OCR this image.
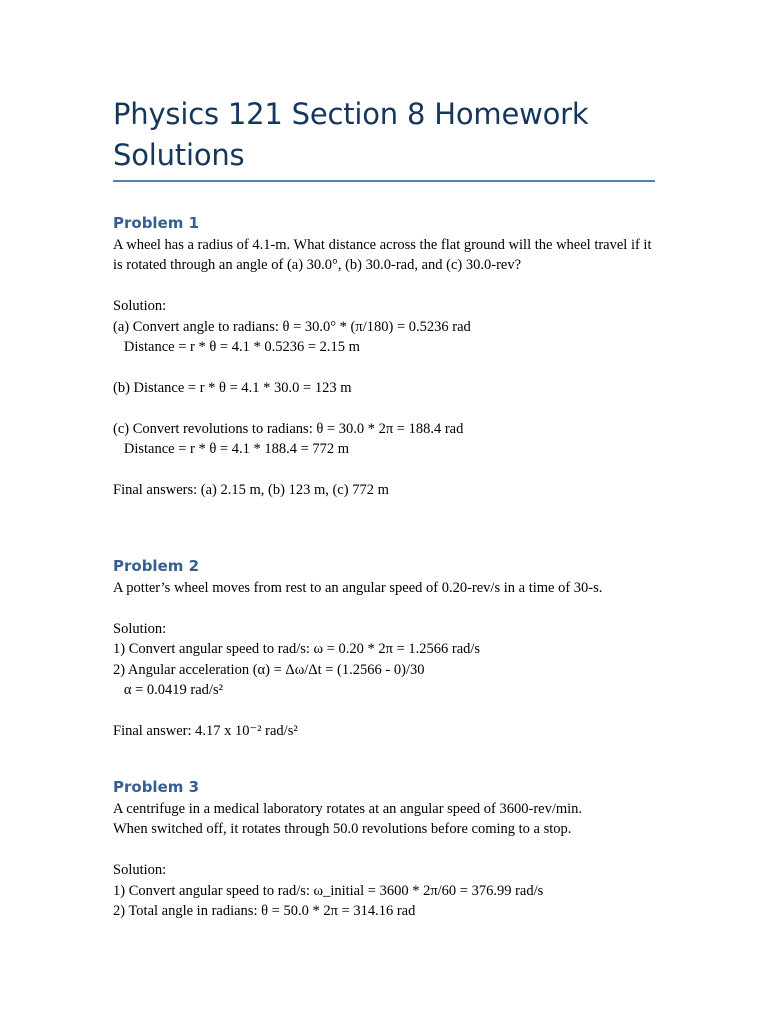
Physics 121 Section 8 Homework Solutions
Problem 1
A wheel has a radius of 4.1-m. What distance across the flat ground will the wheel travel if it
is rotated through an angle of (a) 30.0°, (b) 30.0-rad, and (c) 30.0-rev?
Solution:
(a) Convert angle to radians: θ = 30.0° * (π/180) = 0.5236 rad
Distance = r * θ = 4.1 * 0.5236 = 2.15 m
(b) Distance = r * θ = 4.1 * 30.0 = 123 m
(c) Convert revolutions to radians: θ = 30.0 * 2π = 188.4 rad
Distance = r * θ = 4.1 * 188.4 = 772 m
Final answers: (a) 2.15 m, (b) 123 m, (c) 772 m
Problem 2
A potter’s wheel moves from rest to an angular speed of 0.20-rev/s in a time of 30-s.
Solution:
1) Convert angular speed to rad/s: ω = 0.20 * 2π = 1.2566 rad/s
2) Angular acceleration (α) = Δω/Δt = (1.2566 - 0)/30
α = 0.0419 rad/s²
Final answer: 4.17 x 10⁻² rad/s²
Problem 3
A centrifuge in a medical laboratory rotates at an angular speed of 3600-rev/min.
When switched off, it rotates through 50.0 revolutions before coming to a stop.
Solution:
1) Convert angular speed to rad/s: ω_initial = 3600 * 2π/60 = 376.99 rad/s
2) Total angle in radians: θ = 50.0 * 2π = 314.16 rad
